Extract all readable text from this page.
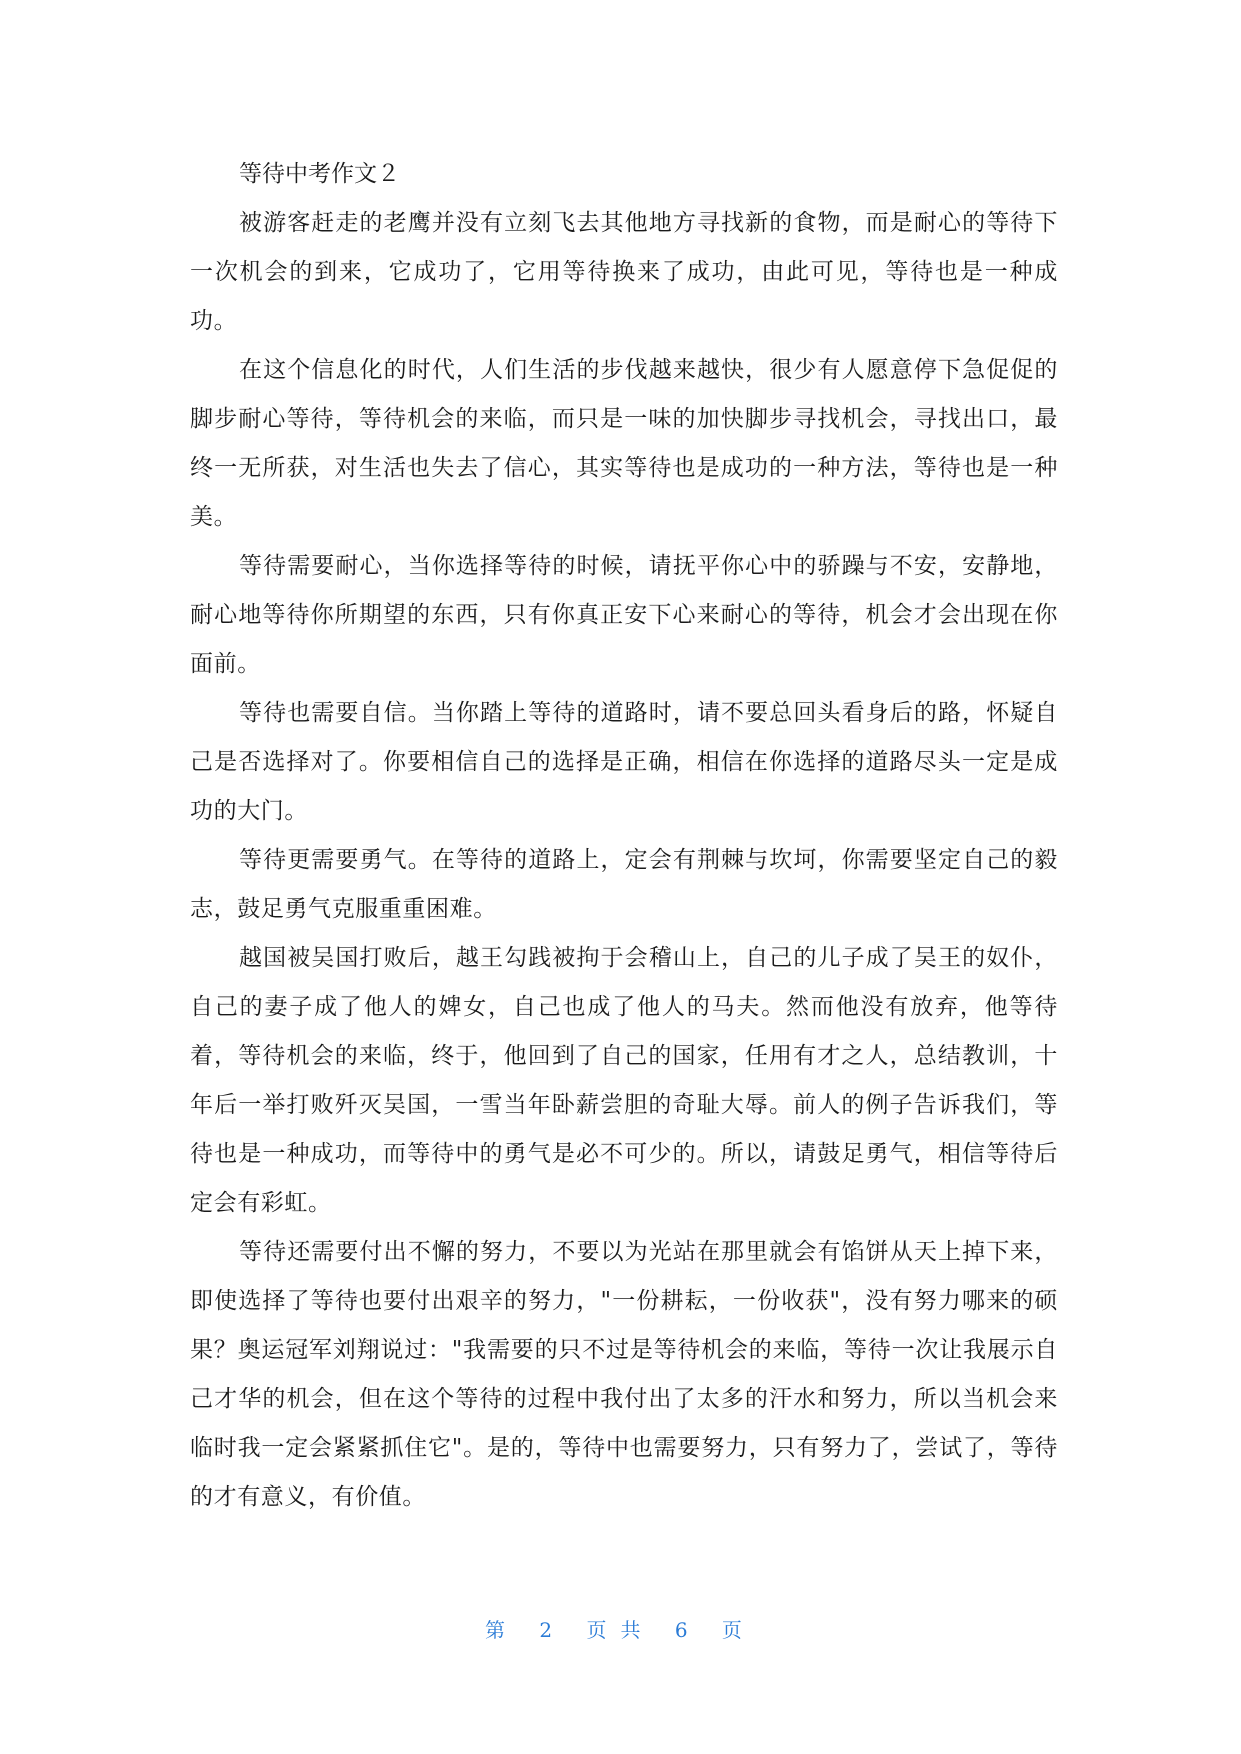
等待中考作文２

被游客赶走的老鹰并没有立刻飞去其他地方寻找新的食物，而是耐心的等待下一次机会的到来，它成功了，它用等待换来了成功，由此可见，等待也是一种成功。

在这个信息化的时代，人们生活的步伐越来越快，很少有人愿意停下急促促的脚步耐心等待，等待机会的来临，而只是一味的加快脚步寻找机会，寻找出口，最终一无所获，对生活也失去了信心，其实等待也是成功的一种方法，等待也是一种美。

等待需要耐心，当你选择等待的时候，请抚平你心中的骄躁与不安，安静地，耐心地等待你所期望的东西，只有你真正安下心来耐心的等待，机会才会出现在你面前。

等待也需要自信。当你踏上等待的道路时，请不要总回头看身后的路，怀疑自己是否选择对了。你要相信自己的选择是正确，相信在你选择的道路尽头一定是成功的大门。

等待更需要勇气。在等待的道路上，定会有荆棘与坎坷，你需要坚定自己的毅志，鼓足勇气克服重重困难。

越国被吴国打败后，越王勾践被拘于会稽山上，自己的儿子成了吴王的奴仆，自己的妻子成了他人的婢女，自己也成了他人的马夫。然而他没有放弃，他等待着，等待机会的来临，终于，他回到了自己的国家，任用有才之人，总结教训，十年后一举打败歼灭吴国，一雪当年卧薪尝胆的奇耻大辱。前人的例子告诉我们，等待也是一种成功，而等待中的勇气是必不可少的。所以，请鼓足勇气，相信等待后定会有彩虹。

等待还需要付出不懈的努力，不要以为光站在那里就会有馅饼从天上掉下来，即使选择了等待也要付出艰辛的努力，"一份耕耘，一份收获"，没有努力哪来的硕果？奥运冠军刘翔说过："我需要的只不过是等待机会的来临，等待一次让我展示自己才华的机会，但在这个等待的过程中我付出了太多的汗水和努力，所以当机会来临时我一定会紧紧抓住它"。是的，等待中也需要努力，只有努力了，尝试了，等待的才有意义，有价值。

第 2 页共 6 页
